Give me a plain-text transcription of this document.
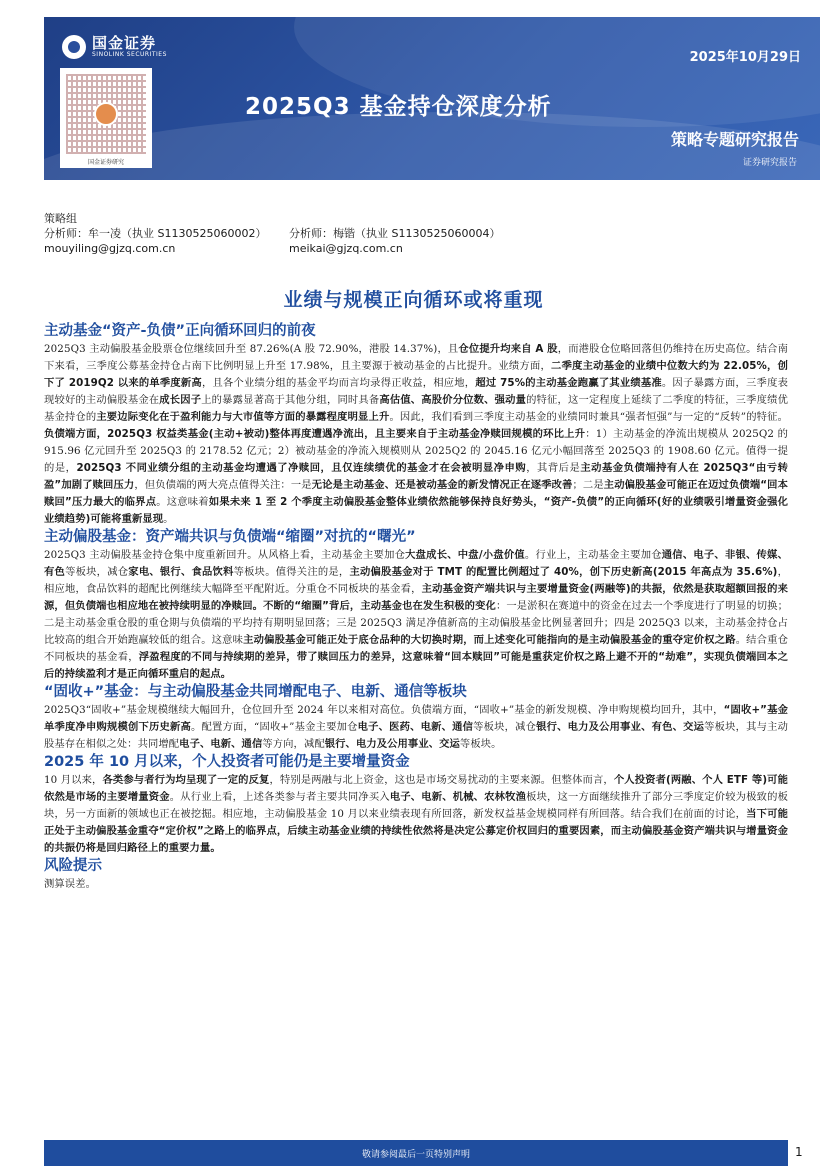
国金证券
SINOLINK SECURITIES	2025年10月29日
国金证券研究
2025Q3 基金持仓深度分析
策略专题研究报告
证券研究报告
策略组
分析师：牟一凌（执业 S1130525060002）	分析师：梅锴（执业 S1130525060004）
mouyiling@gjzq.com.cn	meikai@gjzq.com.cn
业绩与规模正向循环或将重现
主动基金“资产-负债”正向循环回归的前夜
2025Q3 主动偏股基金股票仓位继续回升至 87.26%(A 股 72.90%，港股 14.37%)，且仓位提升均来自 A 股，而港股仓位略回落但仍维持在历史高位。结合南下来看，三季度公募基金持仓占南下比例明显上升至 17.98%，且主要源于被动基金的占比提升。业绩方面，二季度主动基金的业绩中位数大约为 22.05%，创下了 2019Q2 以来的单季度新高，且各个业绩分组的基金平均而言均录得正收益，相应地，超过 75%的主动基金跑赢了其业绩基准。因子暴露方面，三季度表现较好的主动偏股基金在成长因子上的暴露显著高于其他分组，同时具备高估值、高股价分位数、强动量的特征，这一定程度上延续了二季度的特征，三季度绩优基金持仓的主要边际变化在于盈利能力与大市值等方面的暴露程度明显上升。因此，我们看到三季度主动基金的业绩同时兼具“强者恒强”与一定的“反转”的特征。负债端方面，2025Q3 权益类基金(主动+被动)整体再度遭遇净流出，且主要来自于主动基金净赎回规模的环比上升：1）主动基金的净流出规模从 2025Q2 的 915.96 亿元回升至 2025Q3 的 2178.52 亿元；2）被动基金的净流入规模则从 2025Q2 的 2045.16 亿元小幅回落至 2025Q3 的 1908.60 亿元。值得一提的是，2025Q3 不同业绩分组的主动基金均遭遇了净赎回，且仅连续绩优的基金才在会被明显净申购，其背后是主动基金负债端持有人在 2025Q3“由亏转盈”加剧了赎回压力，但负债端的两大亮点值得关注：一是无论是主动基金、还是被动基金的新发情况正在逐季改善；二是主动偏股基金可能正在迈过负债端“回本赎回”压力最大的临界点。这意味着如果未来 1 至 2 个季度主动偏股基金整体业绩依然能够保持良好势头，“资产-负债”的正向循环(好的业绩吸引增量资金强化业绩趋势)可能将重新显现。
主动偏股基金：资产端共识与负债端“缩圈”对抗的“曙光”
2025Q3 主动偏股基金持仓集中度重新回升。从风格上看，主动基金主要加仓大盘成长、中盘/小盘价值。行业上，主动基金主要加仓通信、电子、非银、传媒、有色等板块，减仓家电、银行、食品饮料等板块。值得关注的是，主动偏股基金对于 TMT 的配置比例超过了 40%，创下历史新高(2015 年高点为 35.6%)，相应地，食品饮料的超配比例继续大幅降至平配附近。分重仓不同板块的基金看，主动基金资产端共识与主要增量资金(两融等)的共振，依然是获取超额回报的来源，但负债端也相应地在被持续明显的净赎回。不断的“缩圈”背后，主动基金也在发生积极的变化：一是淤积在赛道中的资金在过去一个季度进行了明显的切换；二是主动基金重仓股的重仓期与负债端的平均持有期明显回落；三是 2025Q3 满足净值新高的主动偏股基金比例显著回升；四是 2025Q3 以来，主动基金持仓占比较高的组合开始跑赢较低的组合。这意味主动偏股基金可能正处于底仓品种的大切换时期，而上述变化可能指向的是主动偏股基金的重夺定价权之路。结合重仓不同板块的基金看，浮盈程度的不同与持续期的差异，带了赎回压力的差异，这意味着“回本赎回”可能是重获定价权之路上避不开的“劫难”，实现负债端回本之后的持续盈利才是正向循环重启的起点。
“固收+”基金：与主动偏股基金共同增配电子、电新、通信等板块
2025Q3“固收+”基金规模继续大幅回升，仓位回升至 2024 年以来相对高位。负债端方面，“固收+”基金的新发规模、净申购规模均回升，其中，“固收+”基金单季度净申购规模创下历史新高。配置方面，“固收+”基金主要加仓电子、医药、电新、通信等板块，减仓银行、电力及公用事业、有色、交运等板块，其与主动股基存在相似之处：共同增配电子、电新、通信等方向，减配银行、电力及公用事业、交运等板块。
2025 年 10 月以来，个人投资者可能仍是主要增量资金
10 月以来，各类参与者行为均呈现了一定的反复，特别是两融与北上资金，这也是市场交易扰动的主要来源。但整体而言，个人投资者(两融、个人 ETF 等)可能依然是市场的主要增量资金。从行业上看，上述各类参与者主要共同净买入电子、电新、机械、农林牧渔板块，这一方面继续推升了部分三季度定价较为极致的板块，另一方面新的领域也正在被挖掘。相应地，主动偏股基金 10 月以来业绩表现有所回落，新发权益基金规模同样有所回落。结合我们在前面的讨论，当下可能正处于主动偏股基金重夺“定价权”之路上的临界点，后续主动基金业绩的持续性依然将是决定公募定价权回归的重要因素，而主动偏股基金资产端共识与增量资金的共振仍将是回归路径上的重要力量。
风险提示
测算误差。
敬请参阅最后一页特别声明	1
